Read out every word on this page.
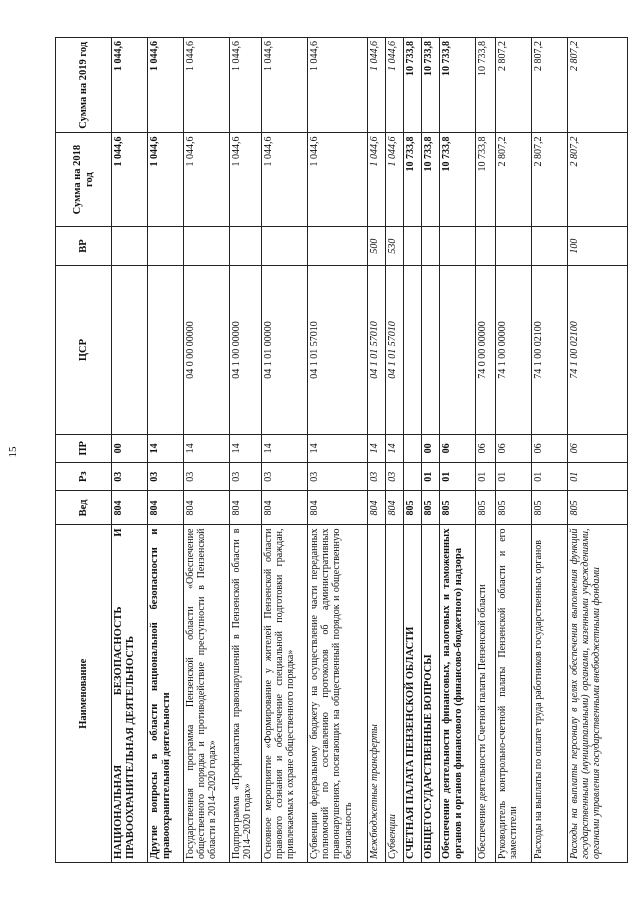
15
Наименование	Вед	Рз	ПР	ЦСР	ВР	Сумма на 2018 год	Сумма на 2019 год
НАЦИОНАЛЬНАЯ БЕЗОПАСНОСТЬ И ПРАВООХРАНИТЕЛЬНАЯ ДЕЯТЕЛЬНОСТЬ	804	03	00			1 044,6	1 044,6
Другие вопросы в области национальной безопасности и правоохранительной деятельности	804	03	14			1 044,6	1 044,6
Государственная программа Пензенской области «Обеспечение общественного порядка и противодействие преступности в Пензенской области в 2014–2020 годах»	804	03	14	04 0 00 00000		1 044,6	1 044,6
Подпрограмма «Профилактика правонарушений в Пензенской области в 2014–2020 годах»	804	03	14	04 1 00 00000		1 044,6	1 044,6
Основное мероприятие «Формирование у жителей Пензенской области правового сознания и обеспечение специальной подготовки граждан, привлекаемых к охране общественного порядка»	804	03	14	04 1 01 00000		1 044,6	1 044,6
Субвенции федеральному бюджету на осуществление части переданных полномочий по составлению протоколов об административных правонарушениях, посягающих на общественный порядок и общественную безопасность	804	03	14	04 1 01 57010		1 044,6	1 044,6
Межбюджетные трансферты	804	03	14	04 1 01 57010	500	1 044,6	1 044,6
Субвенции	804	03	14	04 1 01 57010	530	1 044,6	1 044,6
СЧЕТНАЯ ПАЛАТА ПЕНЗЕНСКОЙ ОБЛАСТИ	805					10 733,8	10 733,8
ОБЩЕГОСУДАРСТВЕННЫЕ ВОПРОСЫ	805	01	00			10 733,8	10 733,8
Обеспечение деятельности финансовых, налоговых и таможенных органов и органов финансового (финансово-бюджетного) надзора	805	01	06			10 733,8	10 733,8
Обеспечение деятельности Счетной палаты Пензенской области	805	01	06	74 0 00 00000		10 733,8	10 733,8
Руководитель контрольно-счетной палаты Пензенской области и его заместители	805	01	06	74 1 00 00000		2 807,2	2 807,2
Расходы на выплаты по оплате труда работников государственных органов	805	01	06	74 1 00 02100		2 807,2	2 807,2
Расходы на выплаты персоналу в целях обеспечения выполнения функций государственными (муниципальными) органами, казенными учреждениями, органами управления государственными внебюджетными фондами	805	01	06	74 1 00 02100	100	2 807,2	2 807,2
